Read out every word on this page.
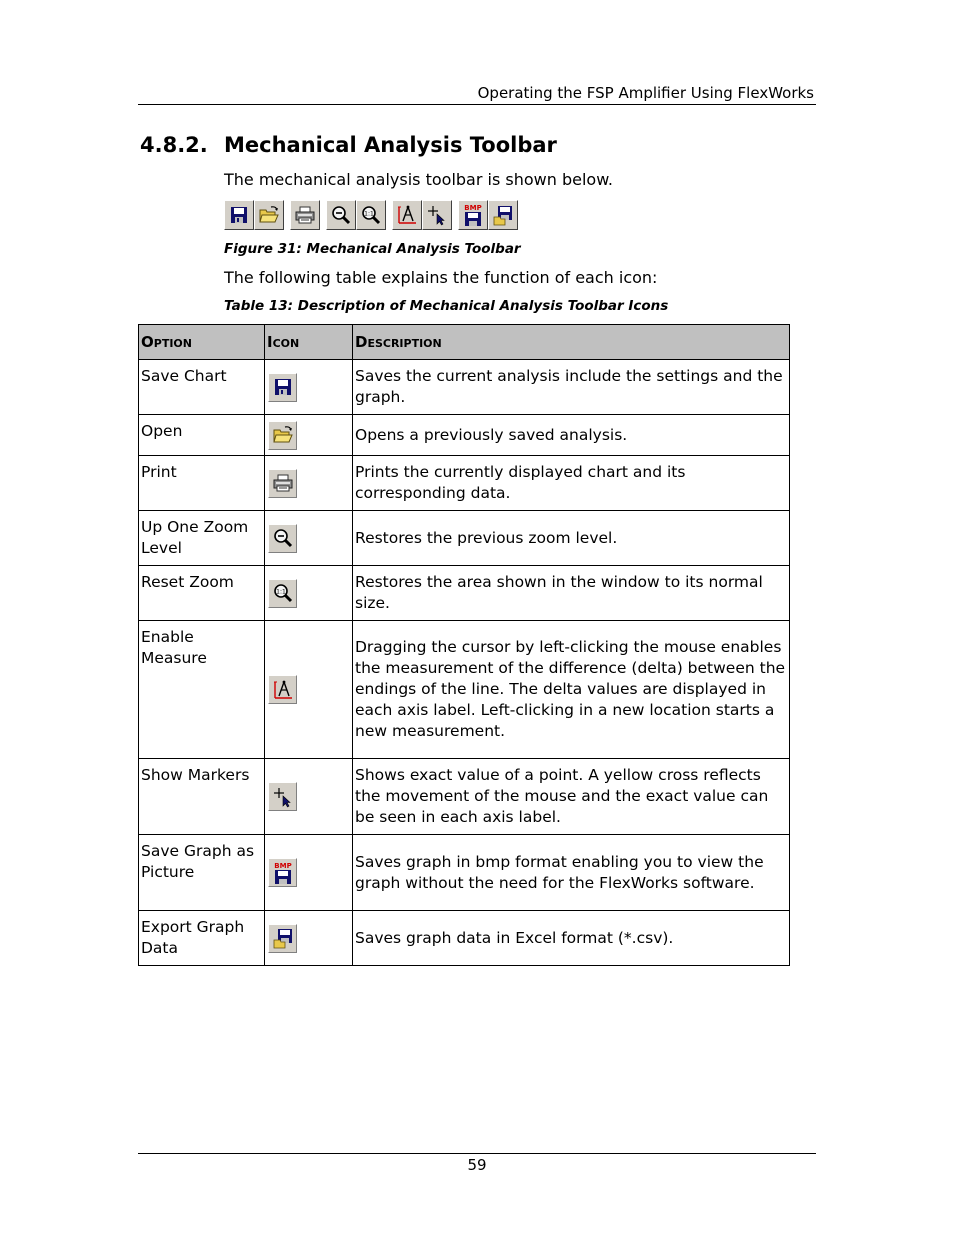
Operating the FSP Amplifier Using FlexWorks
4.8.2. Mechanical Analysis Toolbar
The mechanical analysis toolbar is shown below.
1:1
BMP
Figure 31: Mechanical Analysis Toolbar
The following table explains the function of each icon:
Table 13: Description of Mechanical Analysis Toolbar Icons
Option	Icon	Description
Save Chart		Saves the current analysis include the settings and the graph.
Open		Opens a previously saved analysis.
Print		Prints the currently displayed chart and its corresponding data.
Up One Zoom Level		Restores the previous zoom level.
Reset Zoom	1:1	Restores the area shown in the window to its normal size.
Enable Measure		Dragging the cursor by left-clicking the mouse enables the measurement of the difference (delta) between the endings of the line. The delta values are displayed in each axis label. Left-clicking in a new location starts a new measurement.
Show Markers		Shows exact value of a point. A yellow cross reflects the movement of the mouse and the exact value can be seen in each axis label.
Save Graph as Picture	BMP	Saves graph in bmp format enabling you to view the graph without the need for the FlexWorks software.
Export Graph Data		Saves graph data in Excel format (*.csv).
59
